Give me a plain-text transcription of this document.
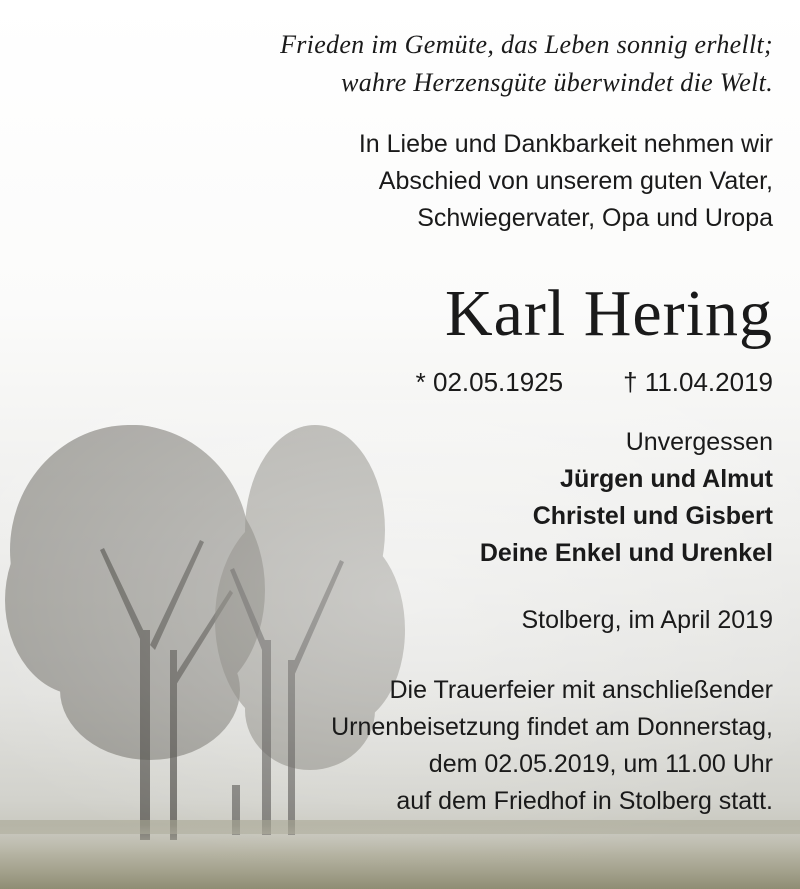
Frieden im Gemüte, das Leben sonnig erhellt;
wahre Herzensgüte überwindet die Welt.
In Liebe und Dankbarkeit nehmen wir
Abschied von unserem guten Vater,
Schwiegervater, Opa und Uropa
Karl Hering
* 02.05.1925 † 11.04.2019
Unvergessen
Jürgen und Almut
Christel und Gisbert
Deine Enkel und Urenkel
Stolberg, im April 2019
Die Trauerfeier mit anschließender
Urnenbeisetzung findet am Donnerstag,
dem 02.05.2019, um 11.00 Uhr
auf dem Friedhof in Stolberg statt.
